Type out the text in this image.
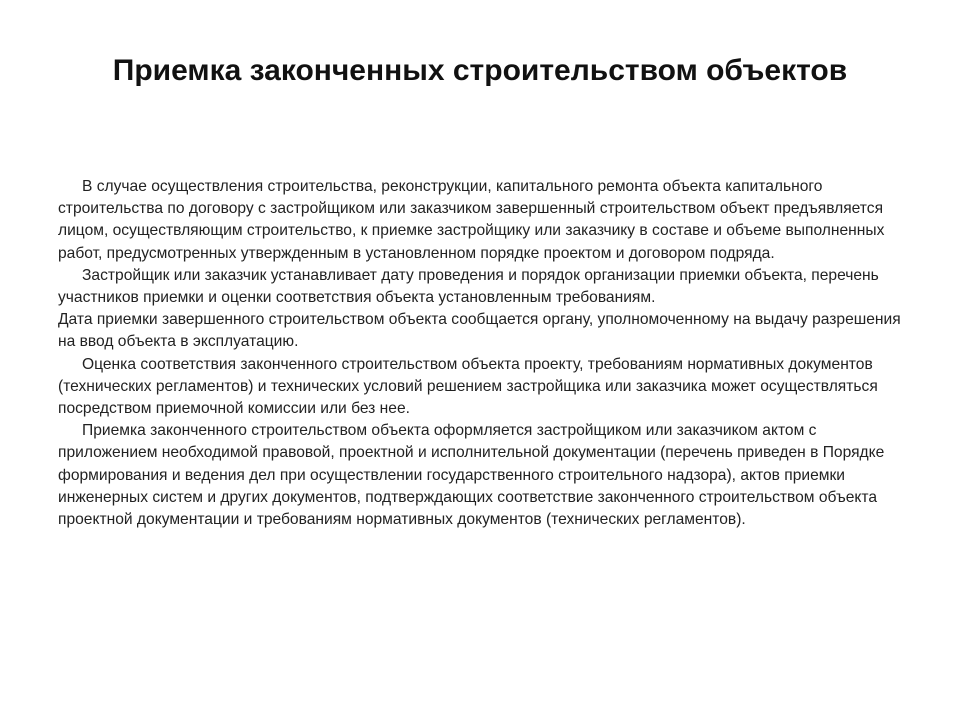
Приемка законченных строительством объектов

В случае осуществления строительства, реконструкции, капитального ремонта объекта капитального строительства по договору с застройщиком или заказчиком завершенный строительством объект предъявляется лицом, осуществляющим строительство, к приемке застройщику или заказчику в составе и объеме выполненных работ, предусмотренных утвержденным в установленном порядке проектом и договором подряда.

Застройщик или заказчик устанавливает дату проведения и порядок организации приемки объекта, перечень участников приемки и оценки соответствия объекта установленным требованиям.

Дата приемки завершенного строительством объекта сообщается органу, уполномоченному на выдачу разрешения на ввод объекта в эксплуатацию.

Оценка соответствия законченного строительством объекта проекту, требованиям нормативных документов (технических регламентов) и технических условий решением застройщика или заказчика может осуществляться посредством приемочной комиссии или без нее.

Приемка законченного строительством объекта оформляется застройщиком или заказчиком актом с приложением необходимой правовой, проектной и исполнительной документации (перечень приведен в Порядке формирования и ведения дел при осуществлении государственного строительного надзора), актов приемки инженерных систем и других документов, подтверждающих соответствие законченного строительством объекта проектной документации и требованиям нормативных документов (технических регламентов).
